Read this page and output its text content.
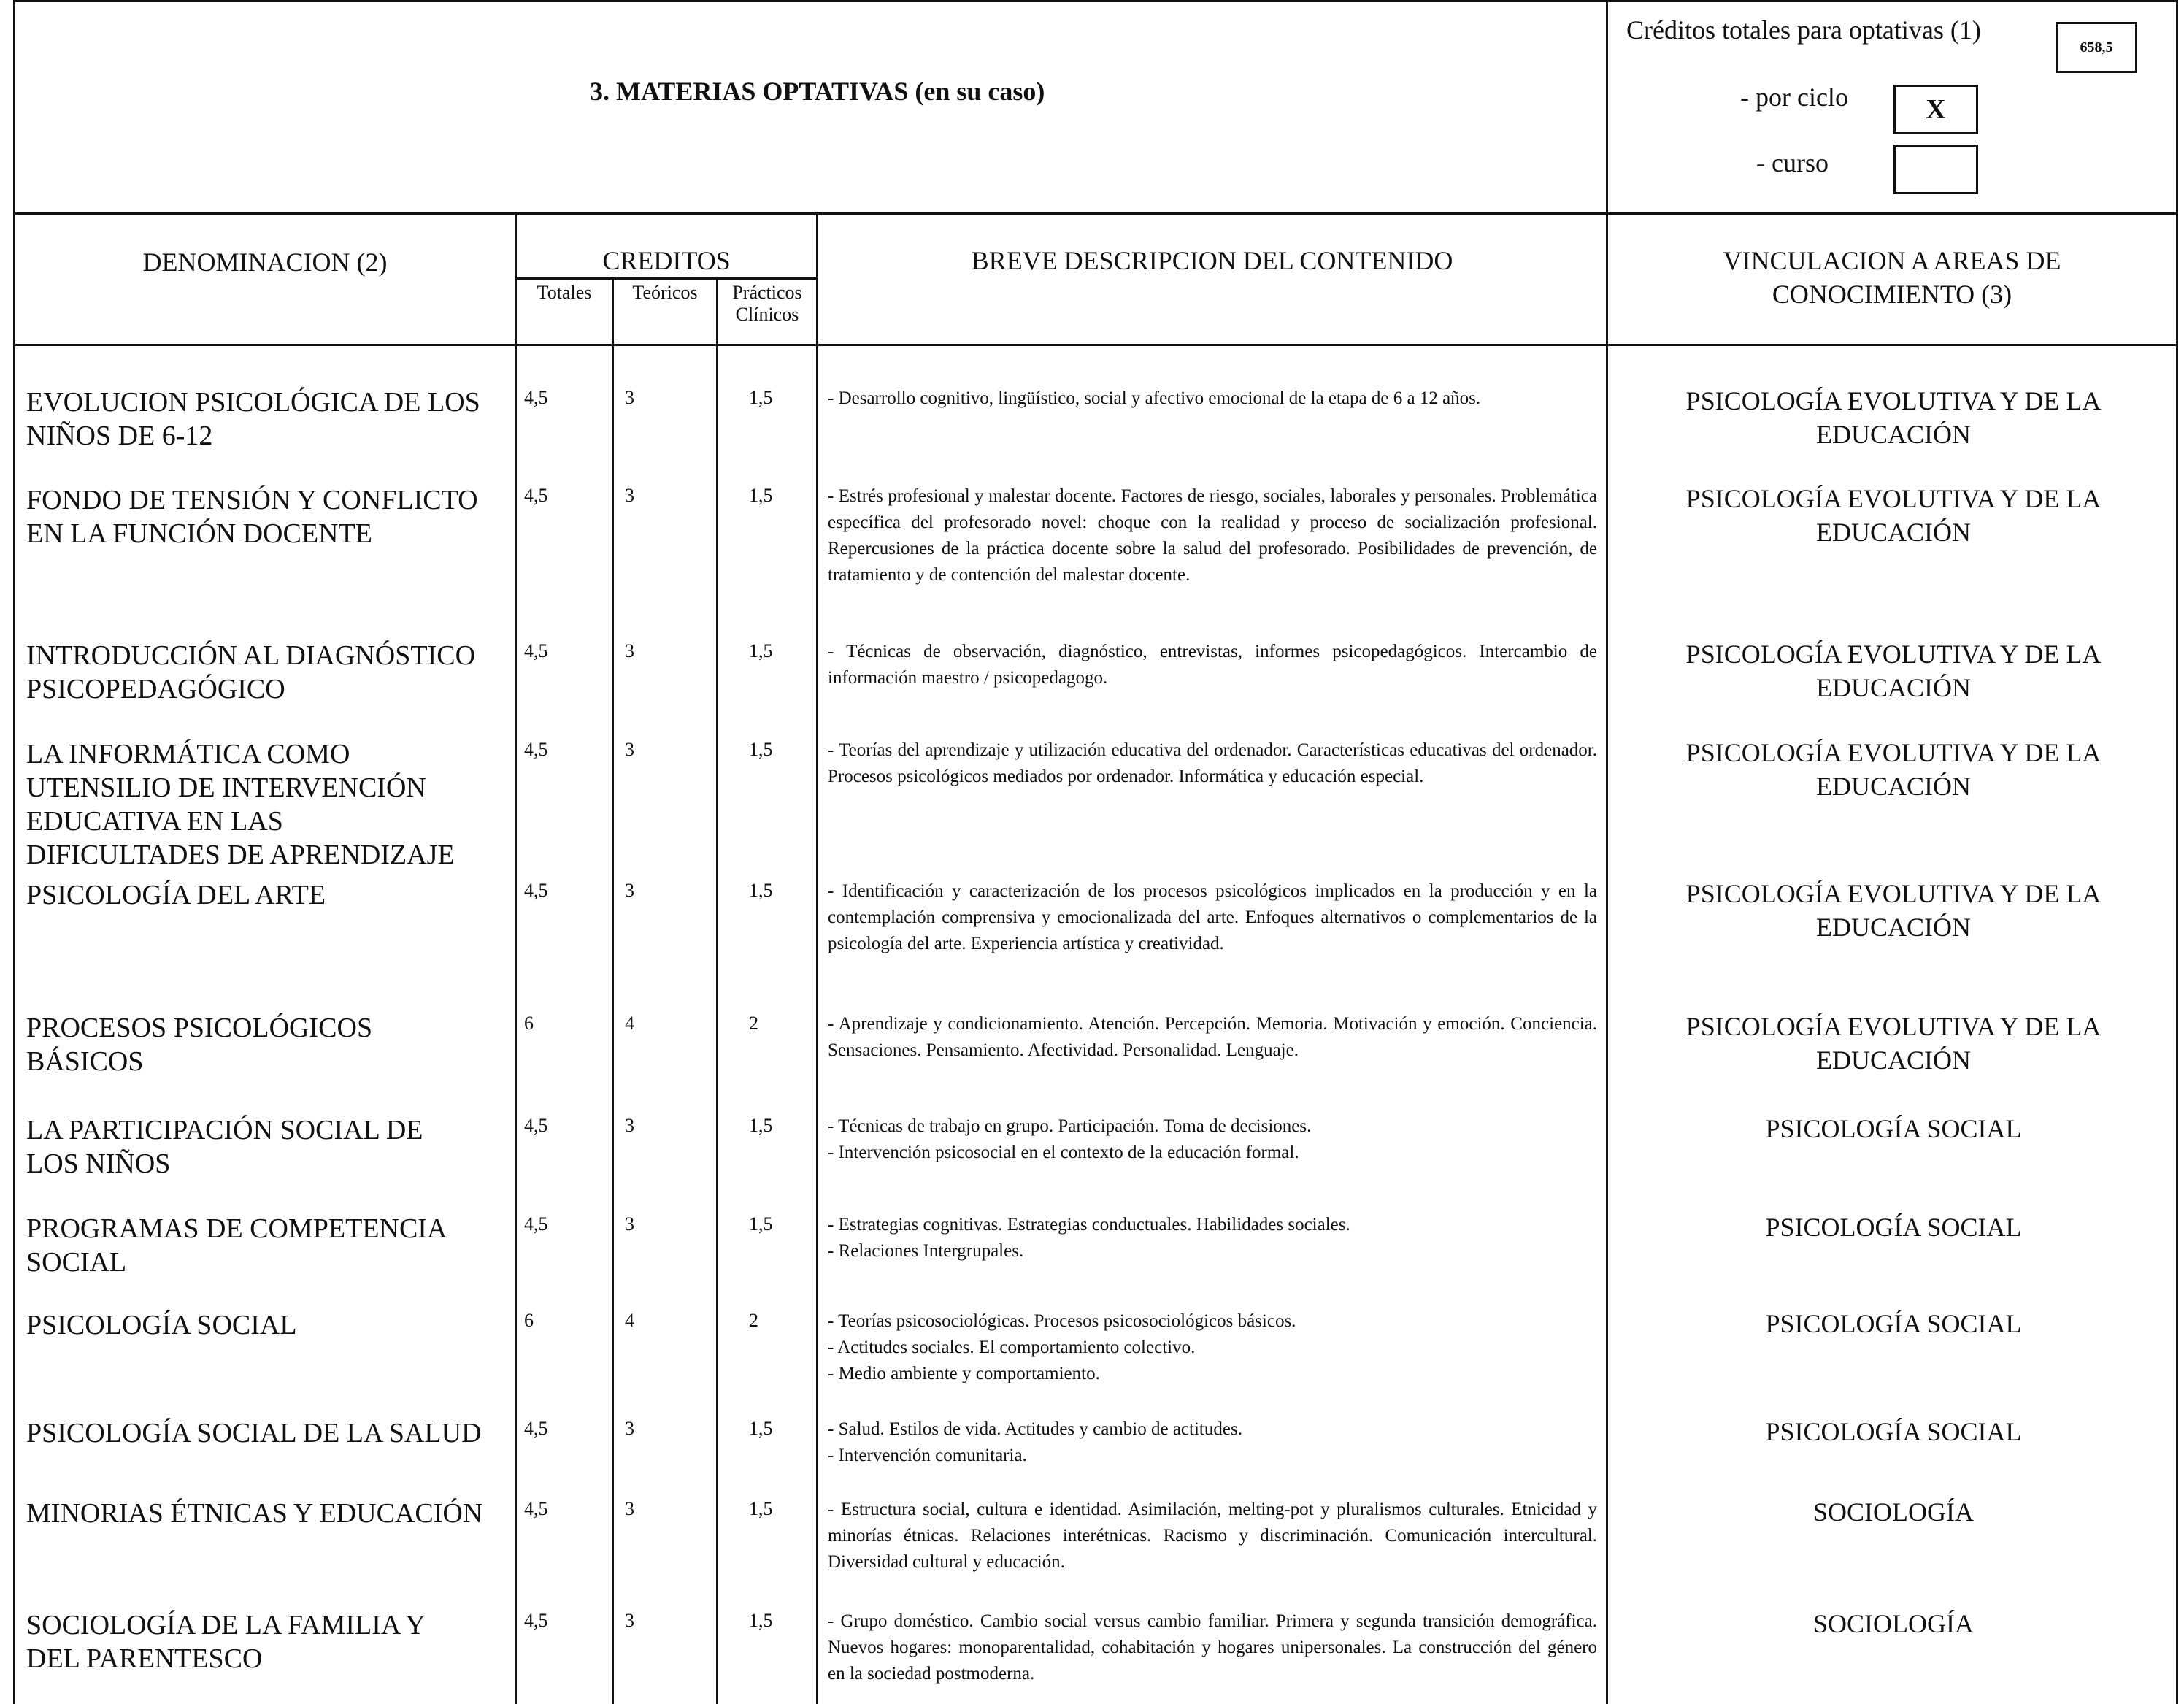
3. MATERIAS OPTATIVAS (en su caso)
Créditos totales para optativas (1)
658,5
- por ciclo	X
- curso
DENOMINACION (2)	CREDITOS
Totales	Teóricos	Prácticos
Clínicos
BREVE DESCRIPCION DEL CONTENIDO	VINCULACION A AREAS DE
CONOCIMIENTO (3)
EVOLUCION PSICOLÓGICA DE LOS
NIÑOS DE 6-12
4,5	3	1,5	- Desarrollo cognitivo, lingüístico, social y afectivo emocional de la etapa de 6 a 12 años.	PSICOLOGÍA EVOLUTIVA Y DE LA
EDUCACIÓN
FONDO DE TENSIÓN Y CONFLICTO
EN LA FUNCIÓN DOCENTE
4,5	3	1,5	- Estrés profesional y malestar docente. Factores de riesgo, sociales, laborales y personales. Problemática específica del profesorado novel: choque con la realidad y proceso de socialización profesional. Repercusiones de la práctica docente sobre la salud del profesorado. Posibilidades de prevención, de tratamiento y de contención del malestar docente.
PSICOLOGÍA EVOLUTIVA Y DE LA
EDUCACIÓN
INTRODUCCIÓN AL DIAGNÓSTICO
PSICOPEDAGÓGICO
4,5	3	1,5	- Técnicas de observación, diagnóstico, entrevistas, informes psicopedagógicos. Intercambio de información maestro / psicopedagogo.
PSICOLOGÍA EVOLUTIVA Y DE LA
EDUCACIÓN
LA INFORMÁTICA COMO
UTENSILIO DE INTERVENCIÓN
EDUCATIVA EN LAS
DIFICULTADES DE APRENDIZAJE
4,5	3	1,5	- Teorías del aprendizaje y utilización educativa del ordenador. Características educativas del ordenador. Procesos psicológicos mediados por ordenador. Informática y educación especial.
PSICOLOGÍA EVOLUTIVA Y DE LA
EDUCACIÓN
PSICOLOGÍA DEL ARTE	4,5	3	1,5	- Identificación y caracterización de los procesos psicológicos implicados en la producción y en la contemplación comprensiva y emocionalizada del arte. Enfoques alternativos o complementarios de la psicología del arte. Experiencia artística y creatividad.
PSICOLOGÍA EVOLUTIVA Y DE LA
EDUCACIÓN
PROCESOS PSICOLÓGICOS
BÁSICOS
6	4	2	- Aprendizaje y condicionamiento. Atención. Percepción. Memoria. Motivación y emoción. Conciencia. Sensaciones. Pensamiento. Afectividad. Personalidad. Lenguaje.
PSICOLOGÍA EVOLUTIVA Y DE LA
EDUCACIÓN
LA PARTICIPACIÓN SOCIAL DE
LOS NIÑOS
4,5	3	1,5	- Técnicas de trabajo en grupo. Participación. Toma de decisiones.
- Intervención psicosocial en el contexto de la educación formal.
PSICOLOGÍA SOCIAL
PROGRAMAS DE COMPETENCIA
SOCIAL
4,5	3	1,5	- Estrategias cognitivas. Estrategias conductuales. Habilidades sociales.
- Relaciones Intergrupales.
PSICOLOGÍA SOCIAL
PSICOLOGÍA SOCIAL	6	4	2	- Teorías psicosociológicas. Procesos psicosociológicos básicos.
- Actitudes sociales. El comportamiento colectivo.
- Medio ambiente y comportamiento.
PSICOLOGÍA SOCIAL
PSICOLOGÍA SOCIAL DE LA SALUD	4,5	3	1,5	- Salud. Estilos de vida. Actitudes y cambio de actitudes.
- Intervención comunitaria.
PSICOLOGÍA SOCIAL
MINORIAS ÉTNICAS Y EDUCACIÓN	4,5	3	1,5	- Estructura social, cultura e identidad. Asimilación, melting-pot y pluralismos culturales. Etnicidad y minorías étnicas. Relaciones interétnicas. Racismo y discriminación. Comunicación intercultural. Diversidad cultural y educación.
SOCIOLOGÍA
SOCIOLOGÍA DE LA FAMILIA Y
DEL PARENTESCO
4,5	3	1,5	- Grupo doméstico. Cambio social versus cambio familiar. Primera y segunda transición demográfica. Nuevos hogares: monoparentalidad, cohabitación y hogares unipersonales. La construcción del género en la sociedad postmoderna.
SOCIOLOGÍA
